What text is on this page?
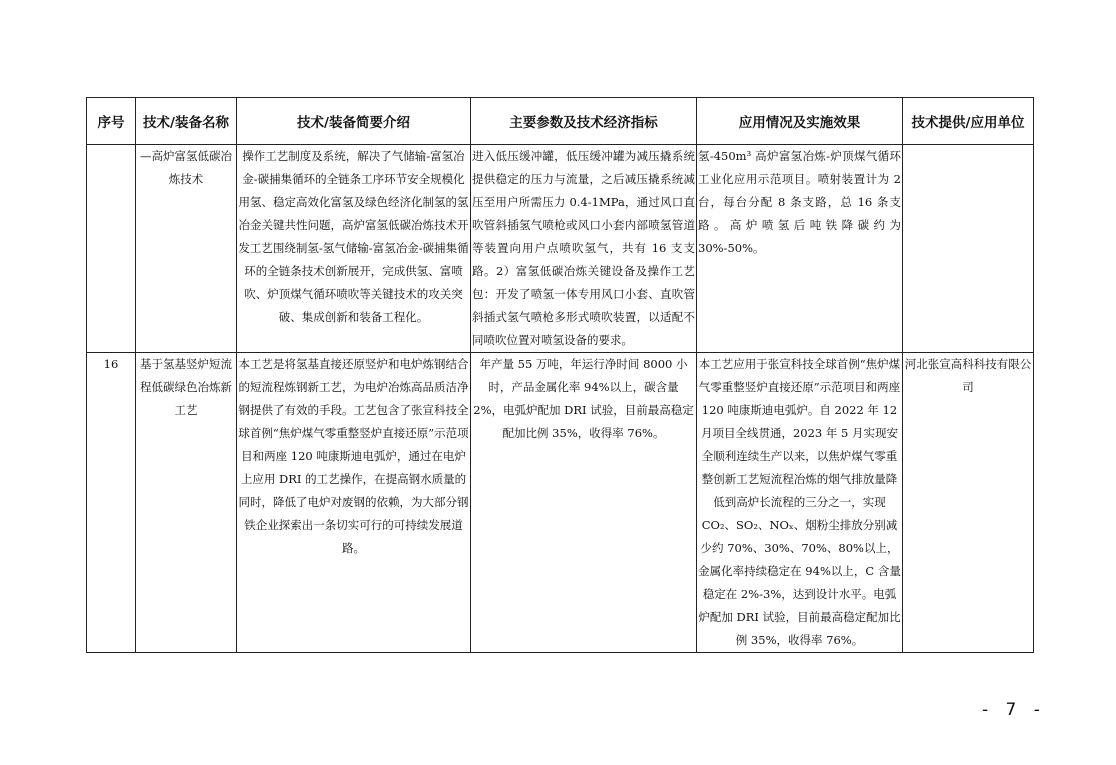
序号	技术/装备名称	技术/装备简要介绍	主要参数及技术经济指标	应用情况及实施效果	技术提供/应用单位
	—高炉富氢低碳冶炼技术	操作工艺制度及系统，解决了气储输-富氢冶金-碳捕集循环的全链条工序环节安全规模化用氢、稳定高效化富氢及绿色经济化制氢的氢冶金关键共性问题，高炉富氢低碳冶炼技术开发工艺围绕制氢-氢气储输-富氢冶金-碳捕集循环的全链条技术创新展开，完成供氢、富喷吹、炉顶煤气循环喷吹等关键技术的攻关突破、集成创新和装备工程化。	进入低压缓冲罐，低压缓冲罐为减压撬系统提供稳定的压力与流量，之后减压撬系统减压至用户所需压力 0.4-1MPa，通过风口直吹管斜插氢气喷枪或风口小套内部喷氢管道等装置向用户点喷吹氢气，共有 16 支支路。2）富氢低碳冶炼关键设备及操作工艺包：开发了喷氢一体专用风口小套、直吹管斜插式氢气喷枪多形式喷吹装置，以适配不同喷吹位置对喷氢设备的要求。	氢-450m³ 高炉富氢冶炼-炉顶煤气循环工业化应用示范项目。喷射装置计为 2 台，每台分配 8 条支路，总 16 条支路。高炉喷氢后吨铁降碳约为 30%-50%。	
16	基于氢基竖炉短流程低碳绿色冶炼新工艺	本工艺是将氢基直接还原竖炉和电炉炼钢结合的短流程炼钢新工艺，为电炉冶炼高品质洁净钢提供了有效的手段。工艺包含了张宣科技全球首例“焦炉煤气零重整竖炉直接还原”示范项目和两座 120 吨康斯迪电弧炉，通过在电炉上应用 DRI 的工艺操作，在提高钢水质量的同时，降低了电炉对废钢的依赖，为大部分钢铁企业探索出一条切实可行的可持续发展道路。	年产量 55 万吨，年运行净时间 8000 小时，产品金属化率 94%以上，碳含量 2%，电弧炉配加 DRI 试验，目前最高稳定配加比例 35%，收得率 76%。	本工艺应用于张宣科技全球首例“焦炉煤气零重整竖炉直接还原”示范项目和两座 120 吨康斯迪电弧炉。自 2022 年 12 月项目全线贯通，2023 年 5 月实现安全顺利连续生产以来，以焦炉煤气零重整创新工艺短流程冶炼的烟气排放量降低到高炉长流程的三分之一，实现 CO₂、SO₂、NOₓ、烟粉尘排放分别减少约 70%、30%、70%、80%以上，金属化率持续稳定在 94%以上，C 含量稳定在 2%-3%，达到设计水平。电弧炉配加 DRI 试验，目前最高稳定配加比例 35%，收得率 76%。	河北张宣高科科技有限公司
- 7 -
